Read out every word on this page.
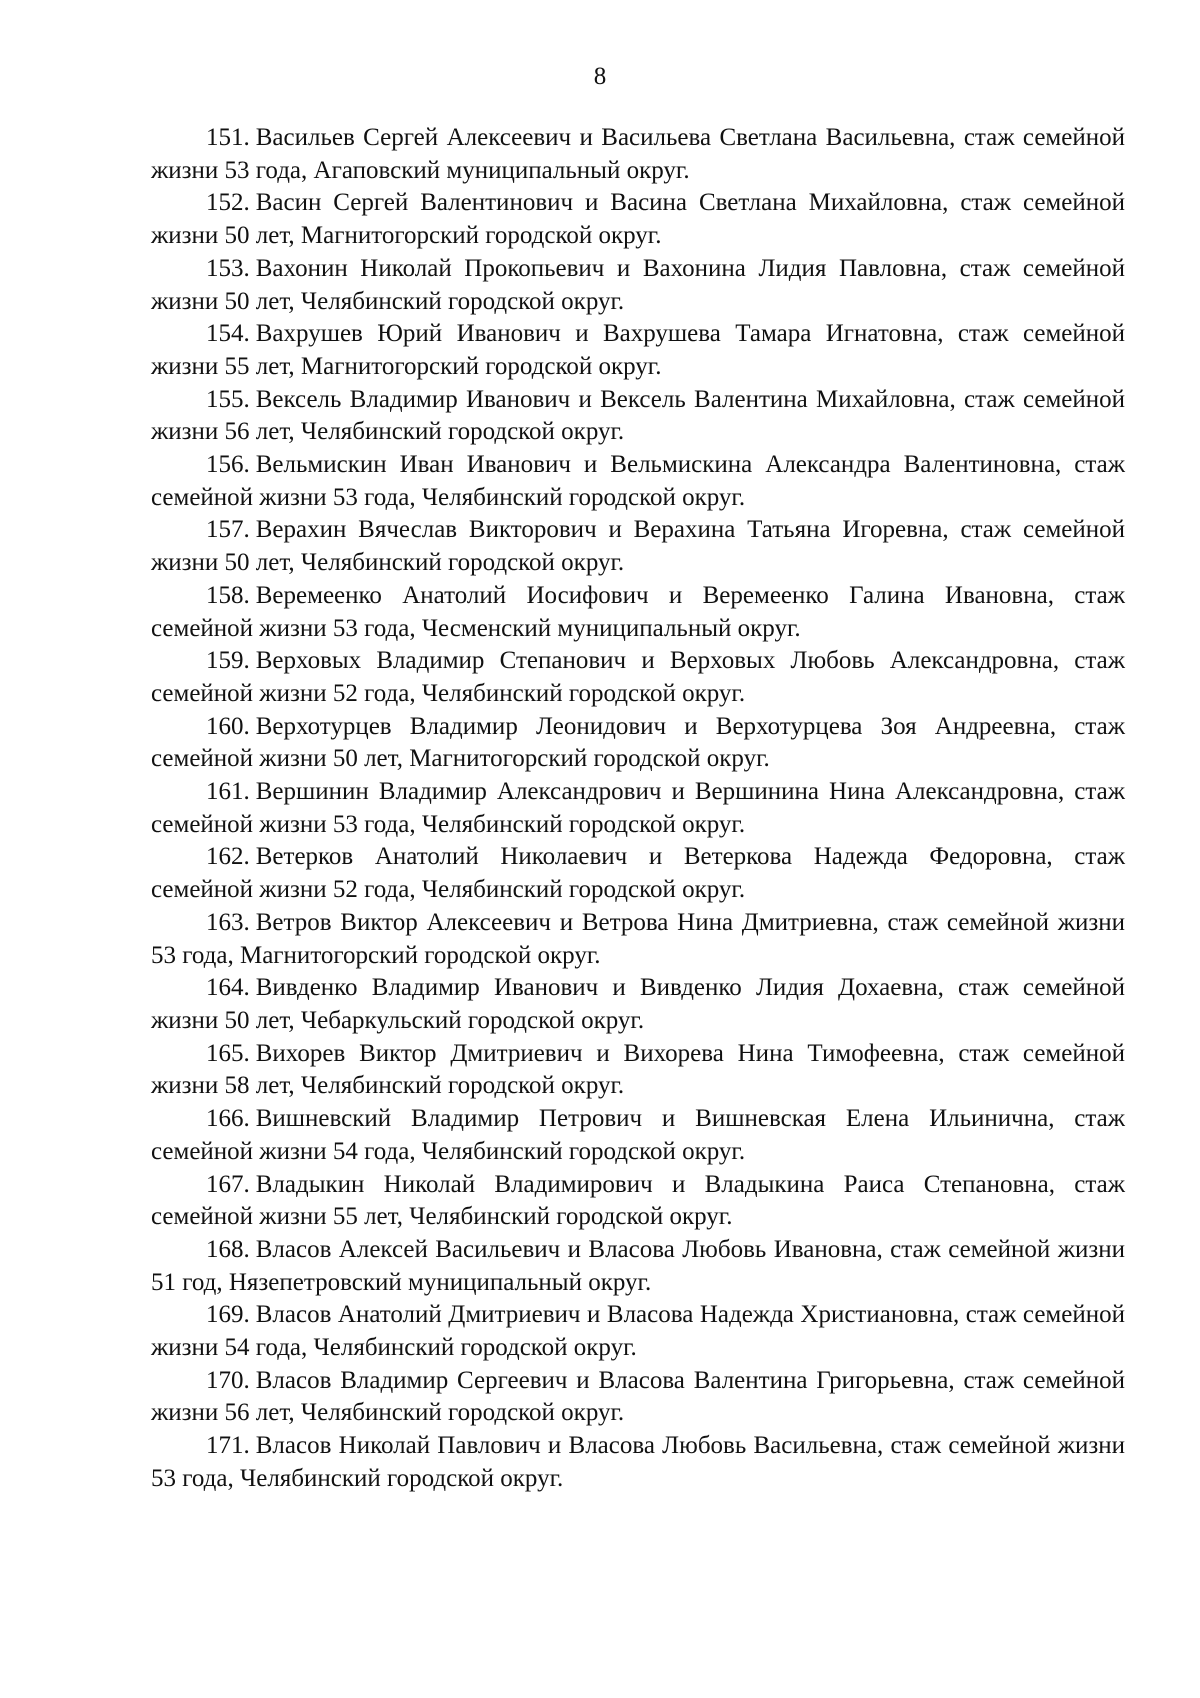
8

151. Васильев Сергей Алексеевич и Васильева Светлана Васильевна, стаж семейной жизни 53 года, Агаповский муниципальный округ.

152. Васин Сергей Валентинович и Васина Светлана Михайловна, стаж семейной жизни 50 лет, Магнитогорский городской округ.

153. Вахонин Николай Прокопьевич и Вахонина Лидия Павловна, стаж семейной жизни 50 лет, Челябинский городской округ.

154. Вахрушев Юрий Иванович и Вахрушева Тамара Игнатовна, стаж семейной жизни 55 лет, Магнитогорский городской округ.

155. Вексель Владимир Иванович и Вексель Валентина Михайловна, стаж семейной жизни 56 лет, Челябинский городской округ.

156. Вельмискин Иван Иванович и Вельмискина Александра Валентиновна, стаж семейной жизни 53 года, Челябинский городской округ.

157. Верахин Вячеслав Викторович и Верахина Татьяна Игоревна, стаж семейной жизни 50 лет, Челябинский городской округ.

158. Веремеенко Анатолий Иосифович и Веремеенко Галина Ивановна, стаж семейной жизни 53 года, Чесменский муниципальный округ.

159. Верховых Владимир Степанович и Верховых Любовь Александровна, стаж семейной жизни 52 года, Челябинский городской округ.

160. Верхотурцев Владимир Леонидович и Верхотурцева Зоя Андреевна, стаж семейной жизни 50 лет, Магнитогорский городской округ.

161. Вершинин Владимир Александрович и Вершинина Нина Александровна, стаж семейной жизни 53 года, Челябинский городской округ.

162. Ветерков Анатолий Николаевич и Ветеркова Надежда Федоровна, стаж семейной жизни 52 года, Челябинский городской округ.

163. Ветров Виктор Алексеевич и Ветрова Нина Дмитриевна, стаж семейной жизни 53 года, Магнитогорский городской округ.

164. Вивденко Владимир Иванович и Вивденко Лидия Дохаевна, стаж семейной жизни 50 лет, Чебаркульский городской округ.

165. Вихорев Виктор Дмитриевич и Вихорева Нина Тимофеевна, стаж семейной жизни 58 лет, Челябинский городской округ.

166. Вишневский Владимир Петрович и Вишневская Елена Ильинична, стаж семейной жизни 54 года, Челябинский городской округ.

167. Владыкин Николай Владимирович и Владыкина Раиса Степановна, стаж семейной жизни 55 лет, Челябинский городской округ.

168. Власов Алексей Васильевич и Власова Любовь Ивановна, стаж семейной жизни 51 год, Нязепетровский муниципальный округ.

169. Власов Анатолий Дмитриевич и Власова Надежда Христиановна, стаж семейной жизни 54 года, Челябинский городской округ.

170. Власов Владимир Сергеевич и Власова Валентина Григорьевна, стаж семейной жизни 56 лет, Челябинский городской округ.

171. Власов Николай Павлович и Власова Любовь Васильевна, стаж семейной жизни 53 года, Челябинский городской округ.
